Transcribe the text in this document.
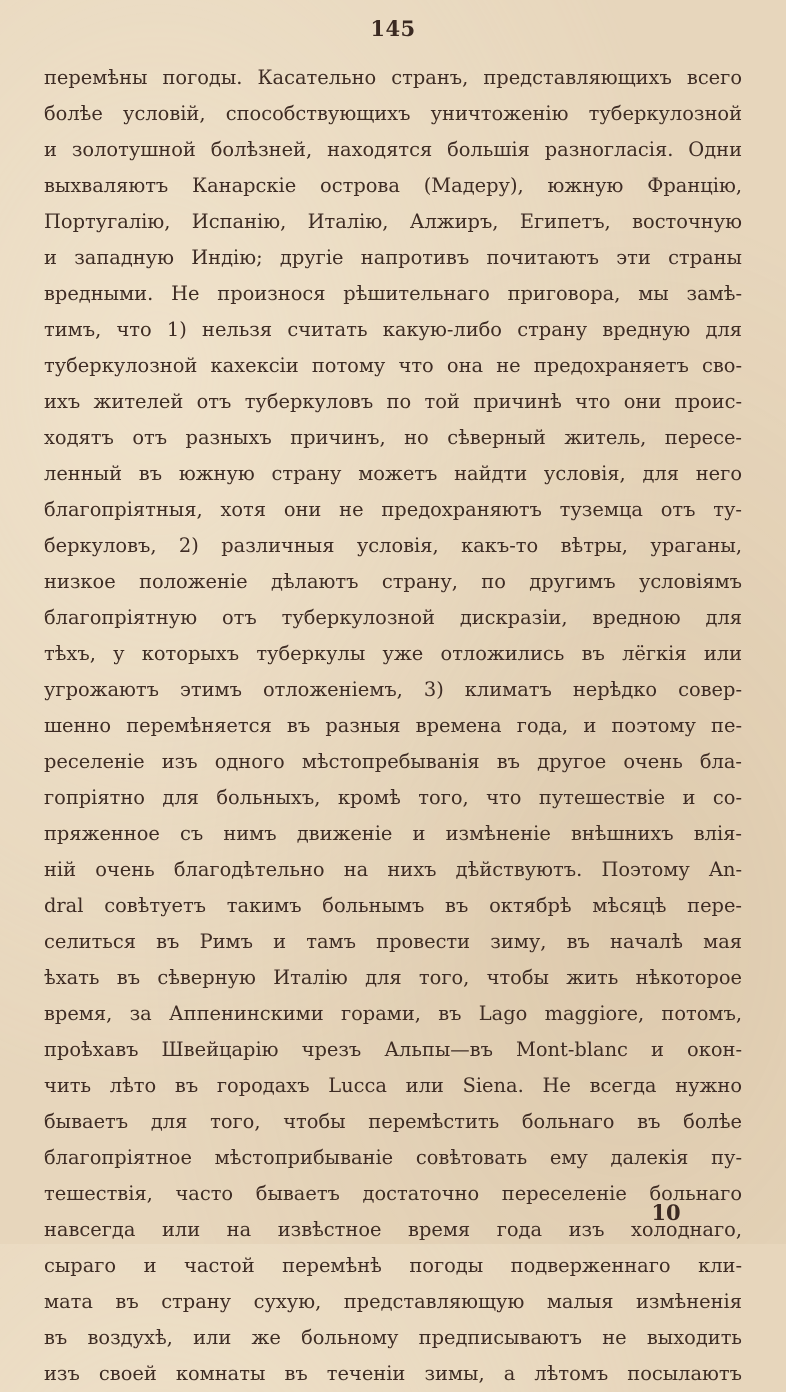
145
перемѣны погоды. Касательно странъ, представляющихъ всего
болѣе условій, способствующихъ уничтоженію туберкулозной
и золотушной болѣзней, находятся большія разногласія. Одни
выхваляютъ Канарскіе острова (Мадеру), южную Францію,
Португалію, Испанію, Италію, Алжиръ, Египетъ, восточную
и западную Индію; другіе напротивъ почитаютъ эти страны
вредными. Не произнося рѣшительнаго приговора, мы замѣ-
тимъ, что 1) нельзя считать какую-либо страну вредную для
туберкулозной кахексіи потому что она не предохраняетъ сво-
ихъ жителей отъ туберкуловъ по той причинѣ что они проис-
ходятъ отъ разныхъ причинъ, но сѣверный житель, пересе-
ленный въ южную страну можетъ найдти условія, для него
благопріятныя, хотя они не предохраняютъ туземца отъ ту-
беркуловъ, 2) различныя условія, какъ-то вѣтры, ураганы,
низкое положеніе дѣлаютъ страну, по другимъ условіямъ
благопріятную отъ туберкулозной дискразіи, вредною для
тѣхъ, у которыхъ туберкулы уже отложились въ лёгкія или
угрожаютъ этимъ отложеніемъ, 3) климатъ нерѣдко совер-
шенно перемѣняется въ разныя времена года, и поэтому пе-
реселеніе изъ одного мѣстопребыванія въ другое очень бла-
гопріятно для больныхъ, кромѣ того, что путешествіе и со-
пряженное съ нимъ движеніе и измѣненіе внѣшнихъ влія-
ній очень благодѣтельно на нихъ дѣйствуютъ. Поэтому An-
dral совѣтуетъ такимъ больнымъ въ октябрѣ мѣсяцѣ пере-
селиться въ Римъ и тамъ провести зиму, въ началѣ мая
ѣхать въ сѣверную Италію для того, чтобы жить нѣкоторое
время, за Аппенинскими горами, въ Lago maggiore, потомъ,
проѣхавъ Швейцарію чрезъ Альпы—въ Mont-blanc и окон-
чить лѣто въ городахъ Lucca или Siena. Не всегда нужно
бываетъ для того, чтобы перемѣстить больнаго въ болѣе
благопріятное мѣстоприбываніе совѣтовать ему далекія пу-
тешествія, часто бываетъ достаточно переселеніе больнаго
навсегда или на извѣстное время года изъ холоднаго,
сыраго и частой перемѣнѣ погоды подверженнаго кли-
мата въ страну сухую, представляющую малыя измѣненія
въ воздухѣ, или же больному предписываютъ не выходить
изъ своей комнаты въ теченіи зимы, а лѣтомъ посылаютъ
10
